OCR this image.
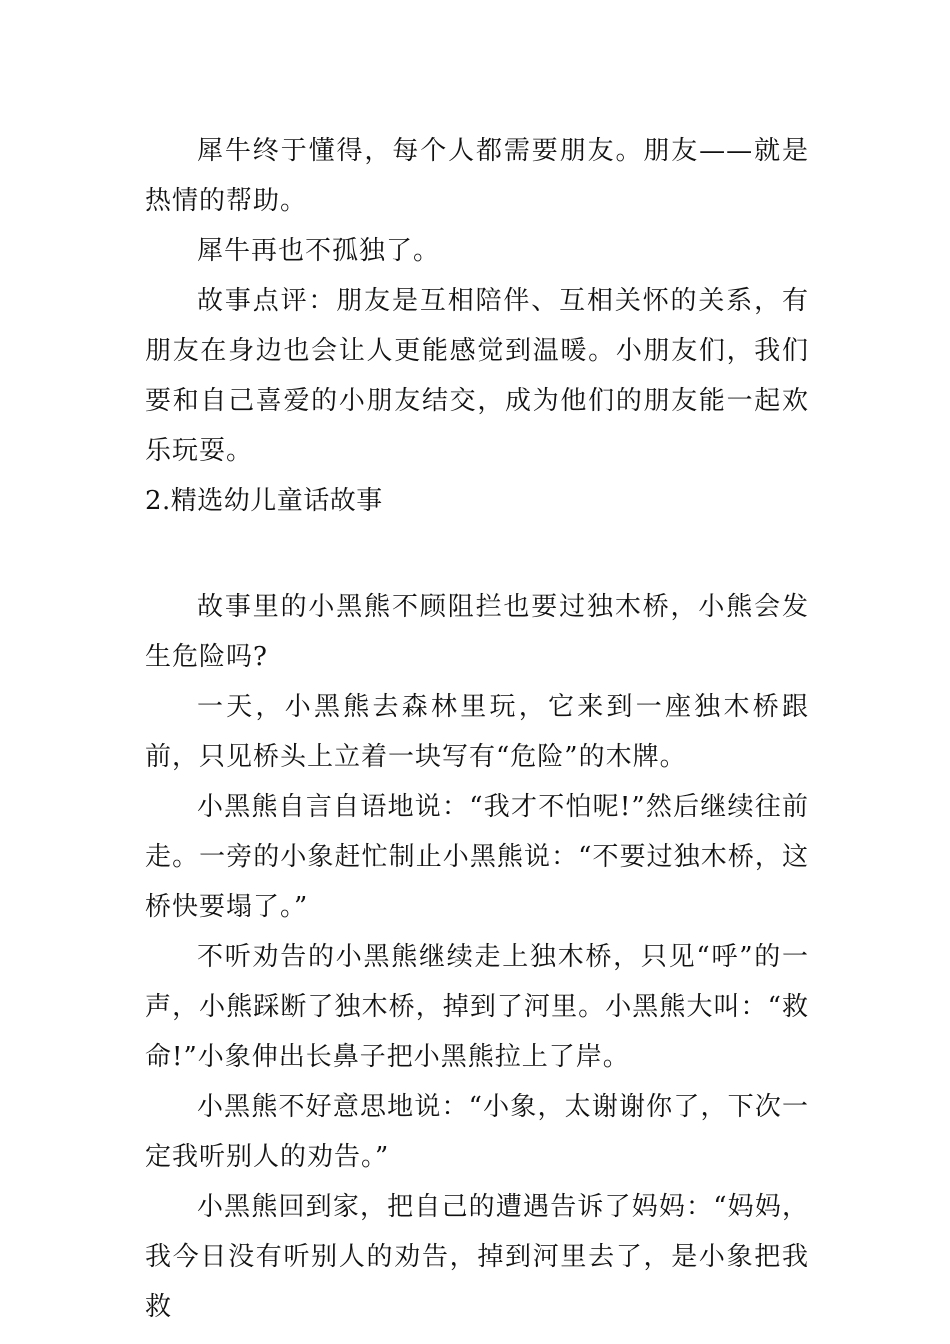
犀牛终于懂得，每个人都需要朋友。朋友——就是热情的帮助。

犀牛再也不孤独了。

故事点评：朋友是互相陪伴、互相关怀的关系，有朋友在身边也会让人更能感觉到温暖。小朋友们，我们要和自己喜爱的小朋友结交，成为他们的朋友能一起欢乐玩耍。

2.精选幼儿童话故事

故事里的小黑熊不顾阻拦也要过独木桥，小熊会发生危险吗?

一天，小黑熊去森林里玩，它来到一座独木桥跟前，只见桥头上立着一块写有“危险”的木牌。

小黑熊自言自语地说：“我才不怕呢!”然后继续往前走。一旁的小象赶忙制止小黑熊说：“不要过独木桥，这桥快要塌了。”

不听劝告的小黑熊继续走上独木桥，只见“呼”的一声，小熊踩断了独木桥，掉到了河里。小黑熊大叫：“救命!”小象伸出长鼻子把小黑熊拉上了岸。

小黑熊不好意思地说：“小象，太谢谢你了，下次一定我听别人的劝告。”

小黑熊回到家，把自己的遭遇告诉了妈妈：“妈妈，我今日没有听别人的劝告，掉到河里去了，是小象把我救
